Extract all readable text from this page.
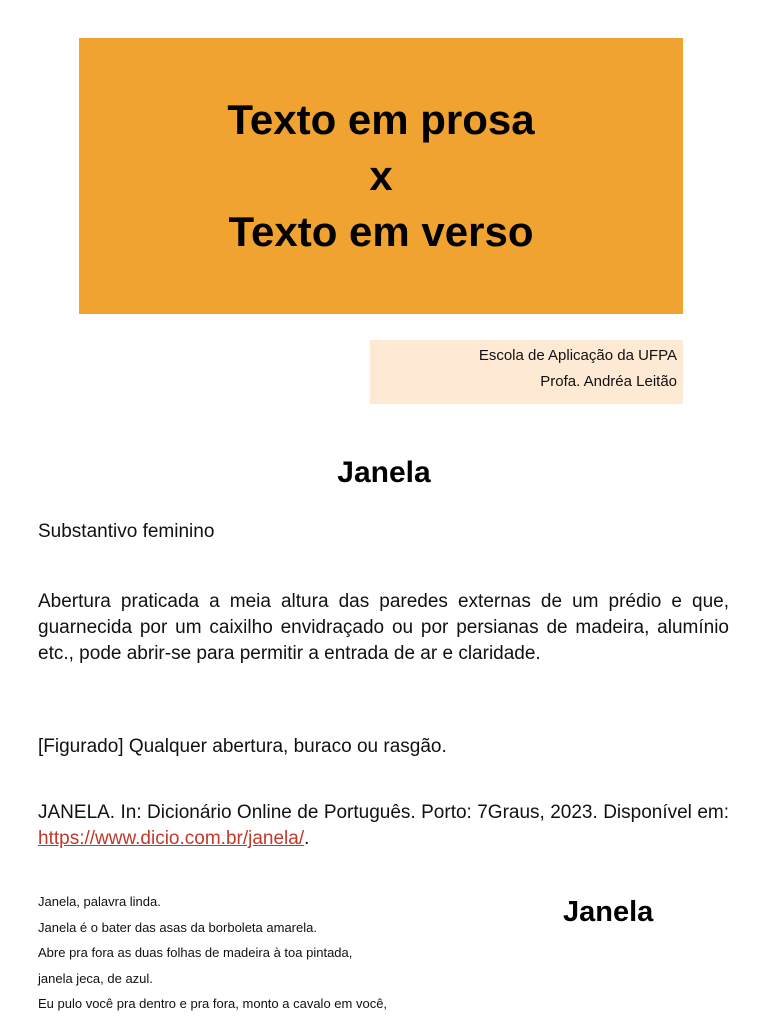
Texto em prosa
x
Texto em verso
Escola de Aplicação da UFPA
Profa. Andréa Leitão
Janela
Substantivo feminino
Abertura praticada a meia altura das paredes externas de um prédio e que, guarnecida por um caixilho envidraçado ou por persianas de madeira, alumínio etc., pode abrir-se para permitir a entrada de ar e claridade.
[Figurado] Qualquer abertura, buraco ou rasgão.
JANELA. In: Dicionário Online de Português. Porto: 7Graus, 2023. Disponível em: https://www.dicio.com.br/janela/.
Janela, palavra linda.
Janela é o bater das asas da borboleta amarela.
Abre pra fora as duas folhas de madeira à toa pintada,
janela jeca, de azul.
Eu pulo você pra dentro e pra fora, monto a cavalo em você,
Janela
